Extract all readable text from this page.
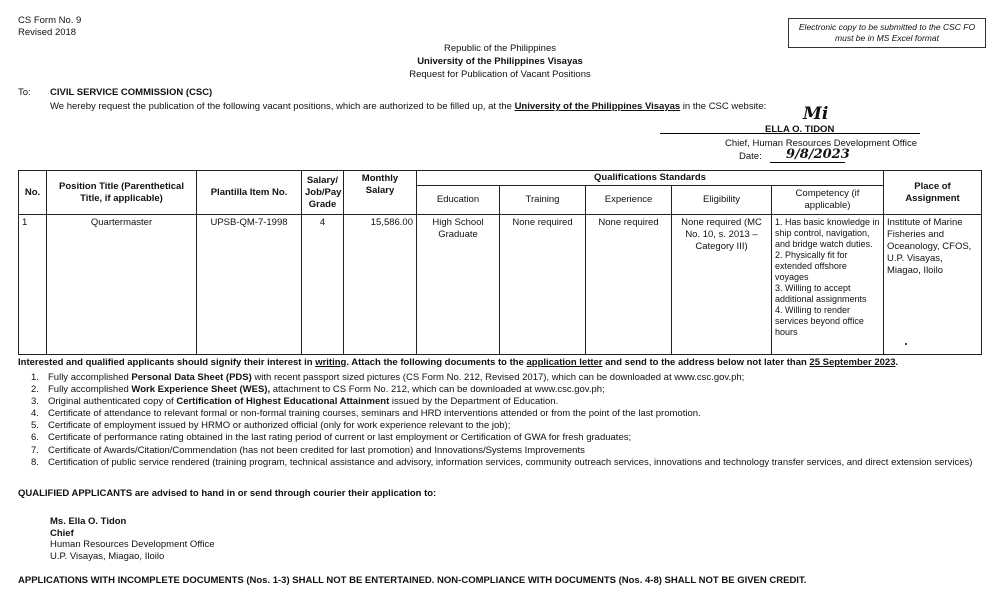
CS Form No. 9
Revised 2018	Electronic copy to be submitted to the CSC FO must be in MS Excel format
Republic of the Philippines
University of the Philippines Visayas
Request for Publication of Vacant Positions
To: CIVIL SERVICE COMMISSION (CSC)
We hereby request the publication of the following vacant positions, which are authorized to be filled up, at the University of the Philippines Visayas in the CSC website: Mi
ELLA O. TIDON
Chief, Human Resources Development Office
Date: 9/8/2023
No.	Position Title (Parenthetical Title, if applicable)	Plantilla Item No.	Salary/ Job/Pay Grade	Monthly Salary	Qualifications Standards					Place of Assignment
					Education	Training	Experience	Eligibility	Competency (if applicable)	
1	Quartermaster	UPSB-QM-7-1998	4	15,586.00	High School Graduate	None required	None required	None required (MC No. 10, s. 2013 – Category III)	1. Has basic knowledge in ship control, navigation, and bridge watch duties.
2. Physically fit for extended offshore voyages
3. Willing to accept additional assignments
4. Willing to render services beyond office hours	Institute of Marine Fisheries and Oceanology, CFOS, U.P. Visayas, Miagao, Iloilo
Interested and qualified applicants should signify their interest in writing. Attach the following documents to the application letter and send to the address below not later than 25 September 2023.
1. Fully accomplished Personal Data Sheet (PDS) with recent passport sized pictures (CS Form No. 212, Revised 2017), which can be downloaded at www.csc.gov.ph;
2. Fully accomplished Work Experience Sheet (WES), attachment to CS Form No. 212, which can be downloaded at www.csc.gov.ph;
3. Original authenticated copy of Certification of Highest Educational Attainment issued by the Department of Education.
4. Certificate of attendance to relevant formal or non-formal training courses, seminars and HRD interventions attended or from the point of the last promotion.
5. Certificate of employment issued by HRMO or authorized official (only for work experience relevant to the job);
6. Certificate of performance rating obtained in the last rating period of current or last employment or Certification of GWA for fresh graduates;
7. Certificate of Awards/Citation/Commendation (has not been credited for last promotion) and Innovations/Systems Improvements
8. Certification of public service rendered (training program, technical assistance and advisory, information services, community outreach services, innovations and technology transfer services, and direct extension services)
QUALIFIED APPLICANTS are advised to hand in or send through courier their application to:
Ms. Ella O. Tidon
Chief
Human Resources Development Office
U.P. Visayas, Miagao, Iloilo
APPLICATIONS WITH INCOMPLETE DOCUMENTS (Nos. 1-3) SHALL NOT BE ENTERTAINED. NON-COMPLIANCE WITH DOCUMENTS (Nos. 4-8) SHALL NOT BE GIVEN CREDIT.
